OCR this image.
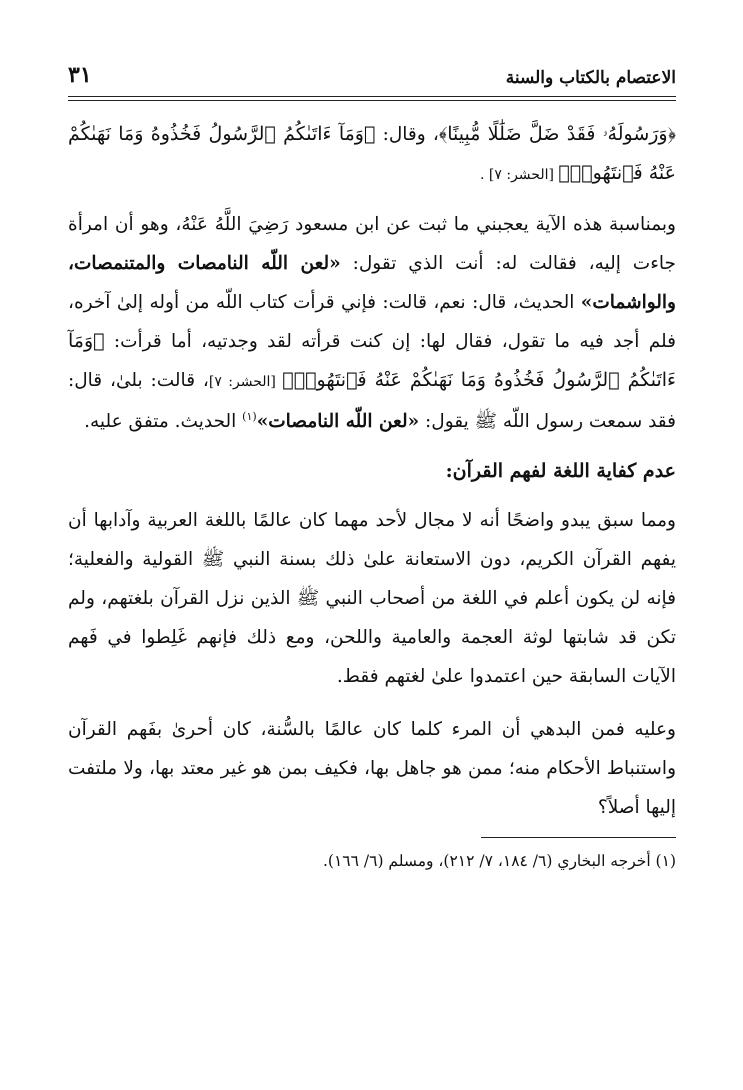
الاعتصام بالكتاب والسنة
٣١

﴿وَرَسُولَهُۥ فَقَدْ ضَلَّ ضَلَٰلًا مُّبِينًا﴾، وقال: ﴿وَمَآ ءَاتَىٰكُمُ ٱلرَّسُولُ فَخُذُوهُ وَمَا نَهَىٰكُمْ عَنْهُ فَٱنتَهُوا۟﴾ [الحشر: ٧] .

وبمناسبة هذه الآية يعجبني ما ثبت عن ابن مسعود رَضِيَ اللَّهُ عَنْهُ، وهو أن امرأة جاءت إليه، فقالت له: أنت الذي تقول: «لعن اللّه النامصات والمتنمصات، والواشمات» الحديث، قال: نعم، قالت: فإني قرأت كتاب اللّه من أوله إلىٰ آخره، فلم أجد فيه ما تقول، فقال لها: إن كنت قرأته لقد وجدتيه، أما قرأت: ﴿وَمَآ ءَاتَىٰكُمُ ٱلرَّسُولُ فَخُذُوهُ وَمَا نَهَىٰكُمْ عَنْهُ فَٱنتَهُوا۟﴾ [الحشر: ٧]، قالت: بلىٰ، قال: فقد سمعت رسول اللّه ﷺ يقول: «لعن اللّه النامصات»$^{(١)}$ الحديث. متفق عليه.

عدم كفاية اللغة لفهم القرآن:

ومما سبق يبدو واضحًا أنه لا مجال لأحد مهما كان عالمًا باللغة العربية وآدابها أن يفهم القرآن الكريم، دون الاستعانة علىٰ ذلك بسنة النبي ﷺ القولية والفعلية؛ فإنه لن يكون أعلم في اللغة من أصحاب النبي ﷺ الذين نزل القرآن بلغتهم، ولم تكن قد شابتها لوثة العجمة والعامية واللحن، ومع ذلك فإنهم غَلِطوا في فَهم الآيات السابقة حين اعتمدوا علىٰ لغتهم فقط.

وعليه فمن البدهي أن المرء كلما كان عالمًا بالسُّنة، كان أحرىٰ بفَهم القرآن واستنباط الأحكام منه؛ ممن هو جاهل بها، فكيف بمن هو غير معتد بها، ولا ملتفت إليها أصلاً؟

(١) أخرجه البخاري (٦/ ١٨٤، ٧/ ٢١٢)، ومسلم (٦/ ١٦٦).
